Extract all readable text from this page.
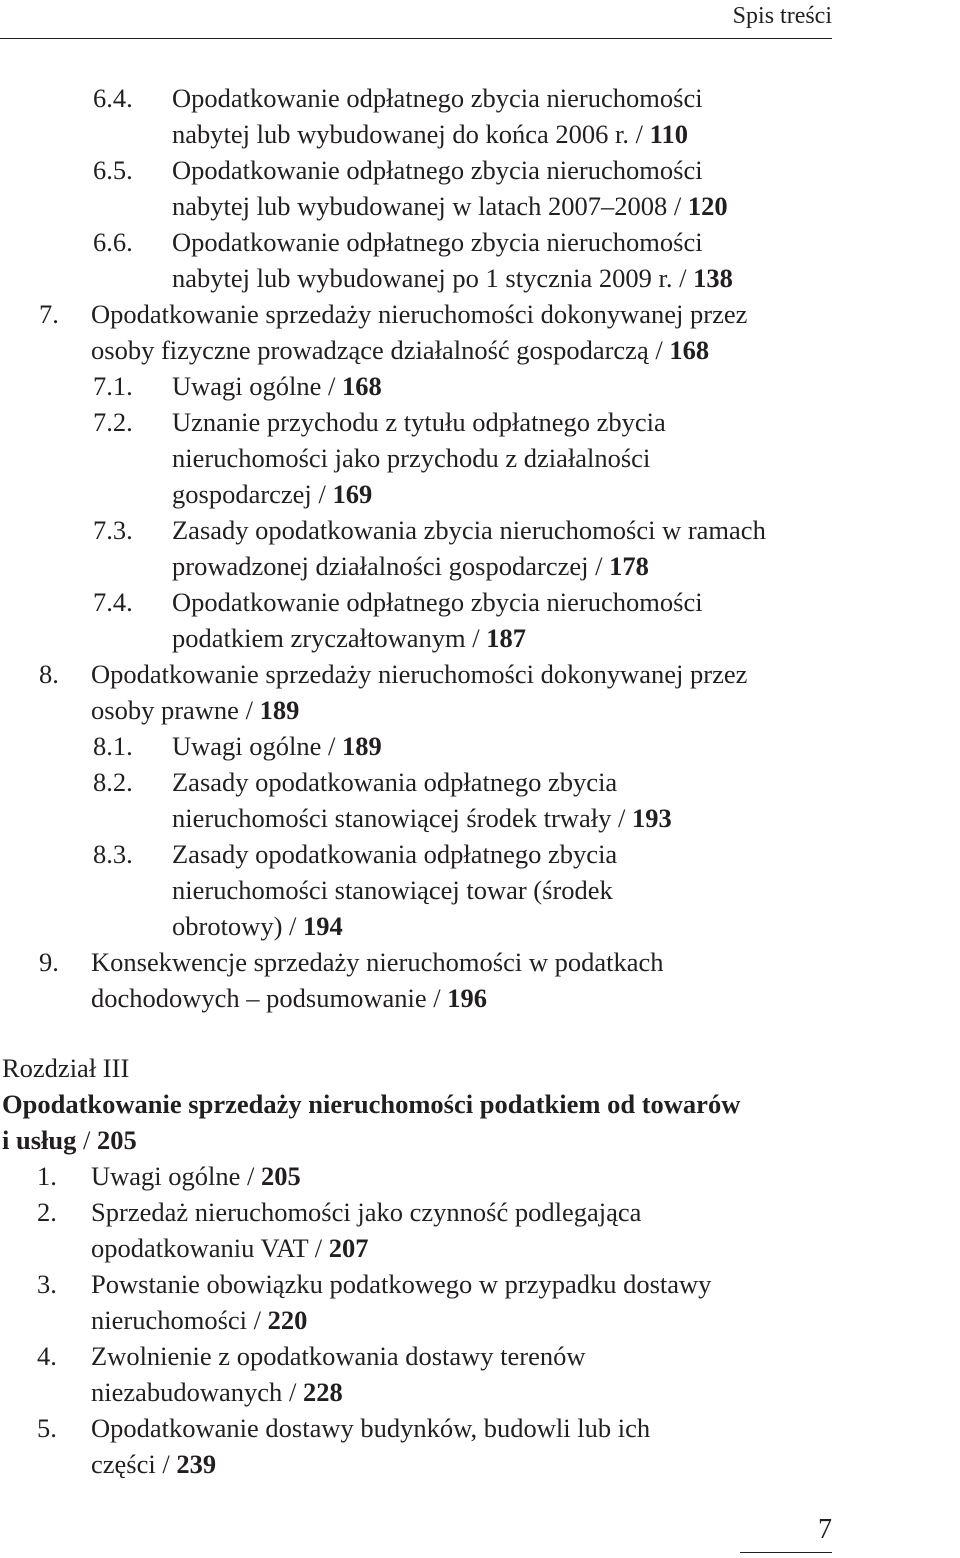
Spis treści
6.4. Opodatkowanie odpłatnego zbycia nieruchomości
nabytej lub wybudowanej do końca 2006 r. / 110
6.5. Opodatkowanie odpłatnego zbycia nieruchomości
nabytej lub wybudowanej w latach 2007–2008 / 120
6.6. Opodatkowanie odpłatnego zbycia nieruchomości
nabytej lub wybudowanej po 1 stycznia 2009 r. / 138
7. Opodatkowanie sprzedaży nieruchomości dokonywanej przez
osoby fizyczne prowadzące działalność gospodarczą / 168
7.1. Uwagi ogólne / 168
7.2. Uznanie przychodu z tytułu odpłatnego zbycia
nieruchomości jako przychodu z działalności
gospodarczej / 169
7.3. Zasady opodatkowania zbycia nieruchomości w ramach
prowadzonej działalności gospodarczej / 178
7.4. Opodatkowanie odpłatnego zbycia nieruchomości
podatkiem zryczałtowanym / 187
8. Opodatkowanie sprzedaży nieruchomości dokonywanej przez
osoby prawne / 189
8.1. Uwagi ogólne / 189
8.2. Zasady opodatkowania odpłatnego zbycia
nieruchomości stanowiącej środek trwały / 193
8.3. Zasady opodatkowania odpłatnego zbycia
nieruchomości stanowiącej towar (środek
obrotowy) / 194
9. Konsekwencje sprzedaży nieruchomości w podatkach
dochodowych – podsumowanie / 196
Rozdział III
Opodatkowanie sprzedaży nieruchomości podatkiem od towarów
i usług / 205
1. Uwagi ogólne / 205
2. Sprzedaż nieruchomości jako czynność podlegająca
opodatkowaniu VAT / 207
3. Powstanie obowiązku podatkowego w przypadku dostawy
nieruchomości / 220
4. Zwolnienie z opodatkowania dostawy terenów
niezabudowanych / 228
5. Opodatkowanie dostawy budynków, budowli lub ich
części / 239
7
